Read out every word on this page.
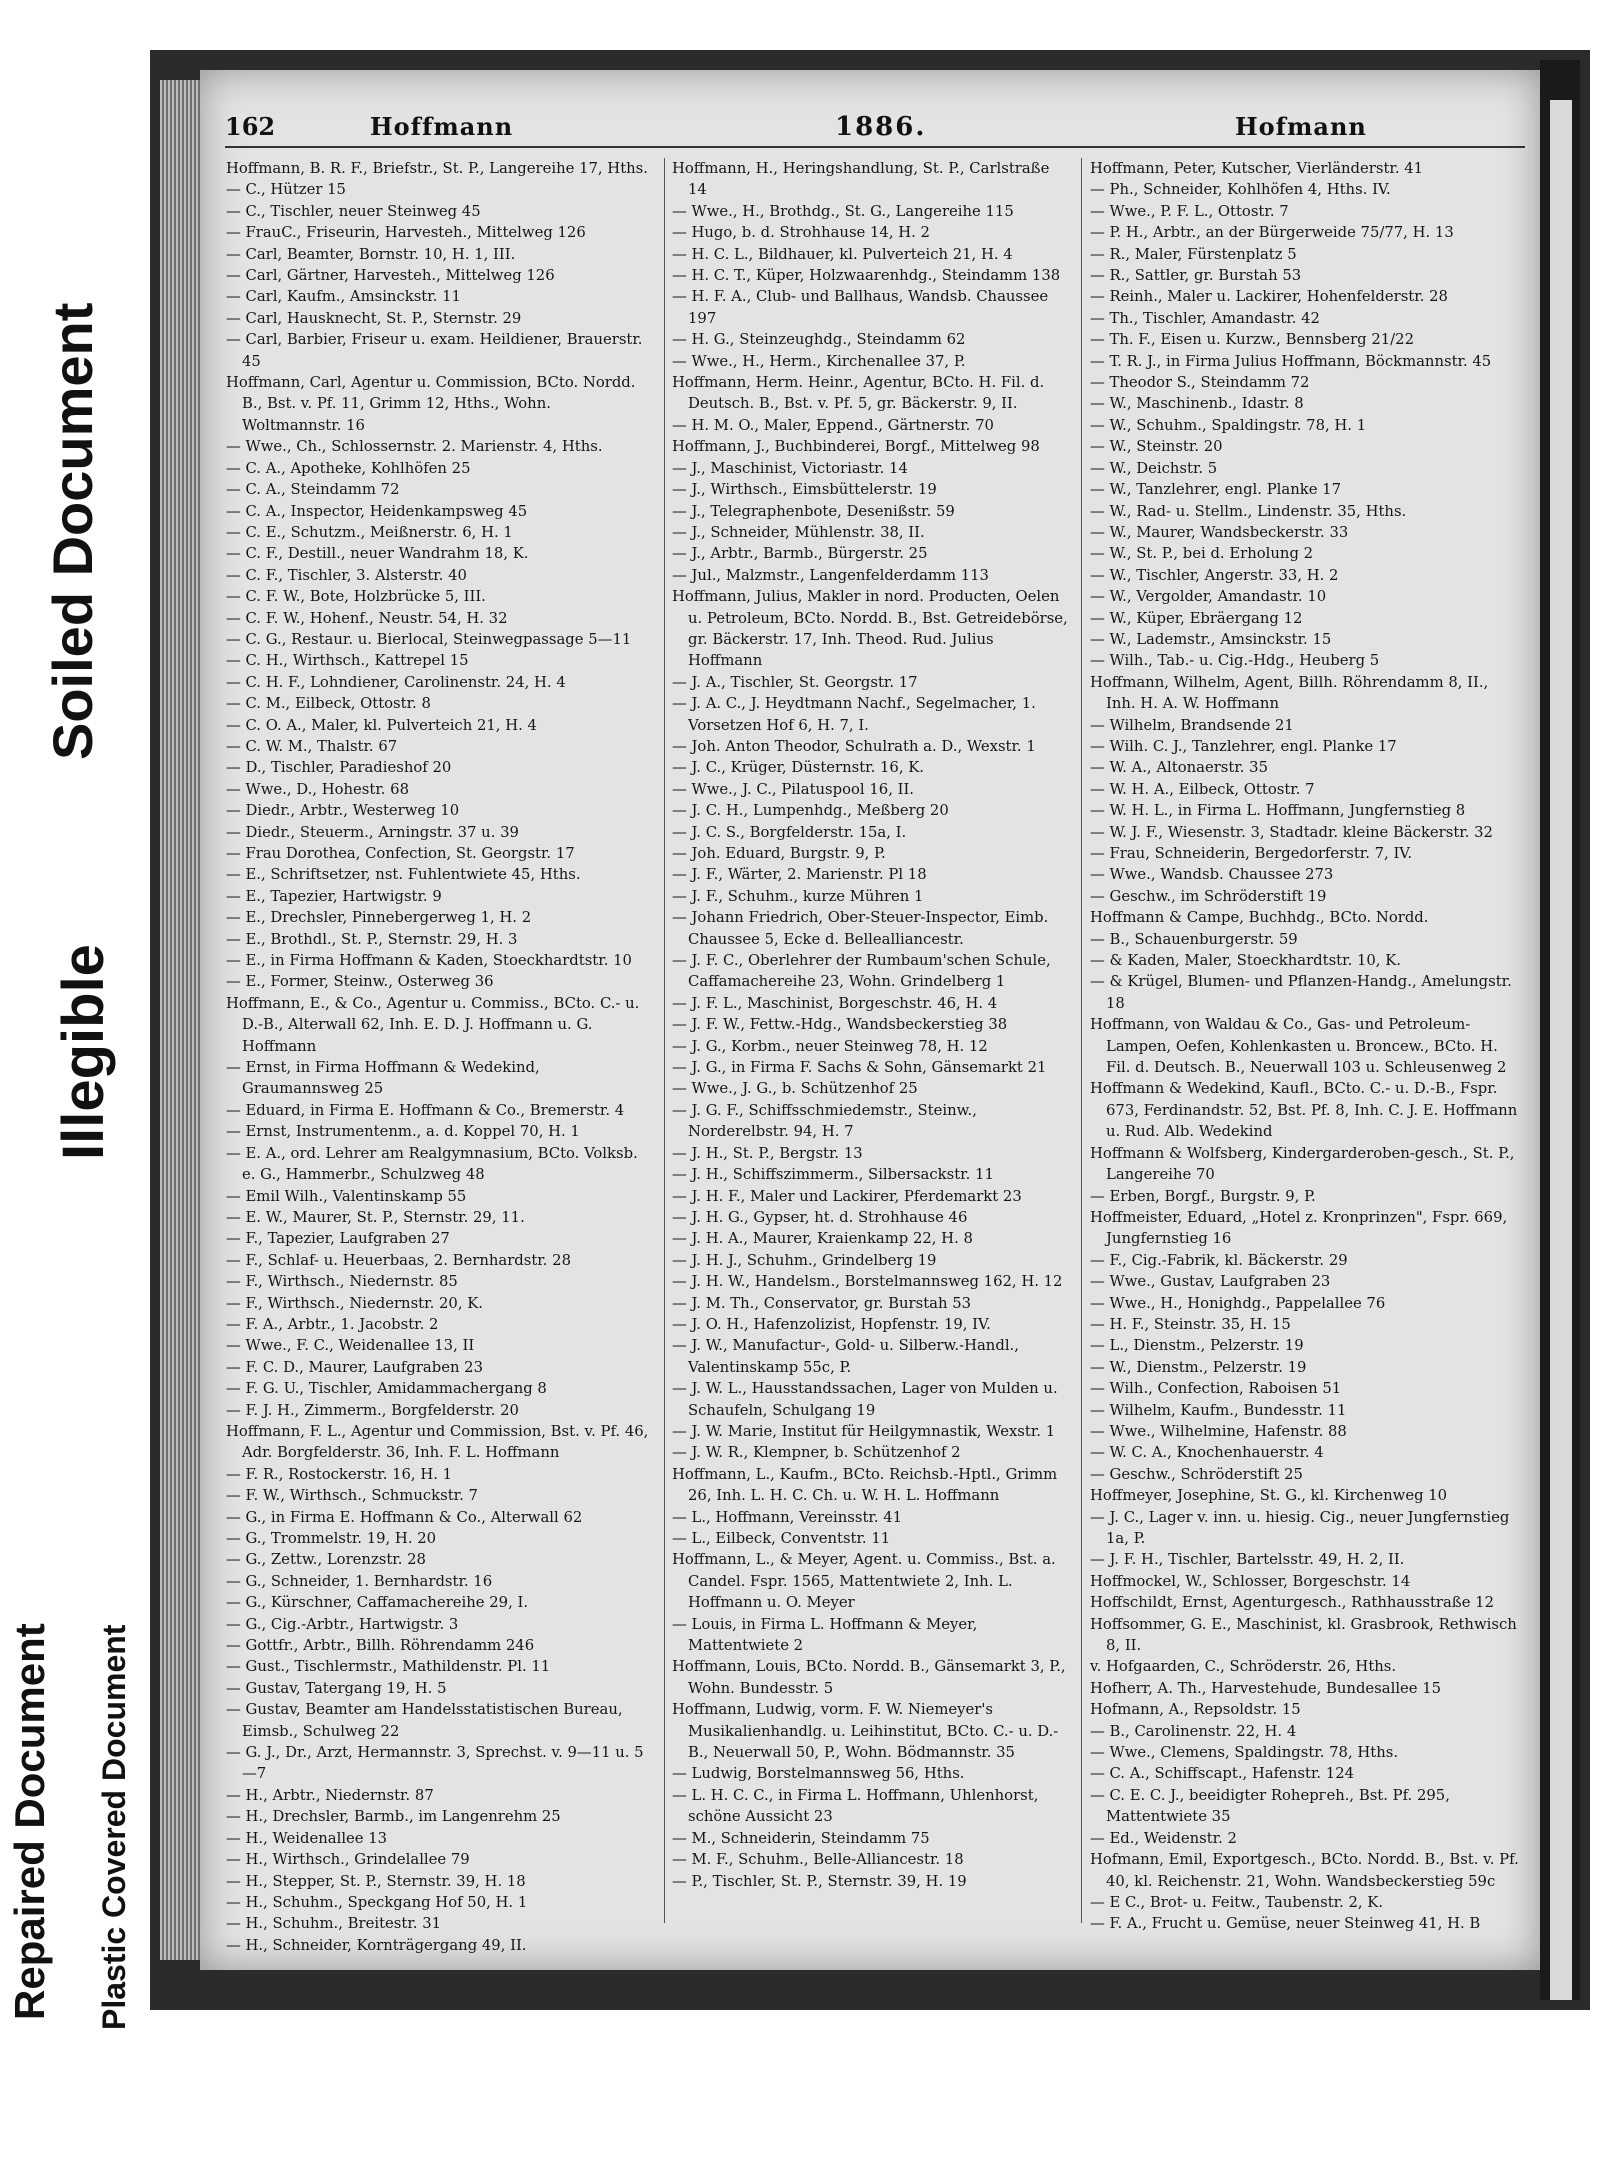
Soiled Document
Illegible
Repaired Document Plastic Covered Document
162	Hoffmann	1886.	Hofmann

Hoffmann, B. R. F., Briefstr., St. P., Langereihe 17, Hths.

— C., Hützer 15

— C., Tischler, neuer Steinweg 45

— FrauC., Friseurin, Harvestеh., Mittelweg 126

— Carl, Beamter, Bornstr. 10, H. 1, III.

— Carl, Gärtner, Harvesteh., Mittelweg 126

— Carl, Kaufm., Amsinckstr. 11

— Carl, Hausknecht, St. P., Sternstr. 29

— Carl, Barbier, Friseur u. exam. Heildiener, Brauerstr. 45

Hoffmann, Carl, Agentur u. Commission, BCto. Nordd. B., Bst. v. Pf. 11, Grimm 12, Hths., Wohn. Woltmannstr. 16

— Wwe., Ch., Schlossernstr. 2. Marienstr. 4, Hths.

— C. A., Apotheke, Kohlhöfen 25

— C. A., Steindamm 72

— C. A., Inspector, Heidenkampsweg 45

— C. E., Schutzm., Meißnerstr. 6, H. 1

— C. F., Destill., neuer Wandrahm 18, K.

— C. F., Tischler, 3. Alsterstr. 40

— C. F. W., Bote, Holzbrücke 5, III.

— C. F. W., Hohenf., Neustr. 54, H. 32

— C. G., Restaur. u. Bierlocal, Steinwegpassage 5—11

— C. H., Wirthsch., Kattrepel 15

— C. H. F., Lohndiener, Carolinenstr. 24, H. 4

— C. M., Eilbeck, Ottostr. 8

— C. O. A., Maler, kl. Pulverteich 21, H. 4

— C. W. M., Thalstr. 67

— D., Tischler, Paradieshof 20

— Wwe., D., Hohestr. 68

— Diedr., Arbtr., Westerweg 10

— Diedr., Steuerm., Arningstr. 37 u. 39

— Frau Dorothea, Confection, St. Georgstr. 17

— E., Schriftsetzer, nst. Fuhlentwiete 45, Hths.

— E., Tapezier, Hartwigstr. 9

— E., Drechsler, Pinnebergerweg 1, H. 2

— E., Brothdl., St. P., Sternstr. 29, H. 3

— E., in Firma Hoffmann & Kaden, Stoeckhardtstr. 10

— E., Former, Steinw., Osterweg 36

Hoffmann, E., & Co., Agentur u. Commiss., BCto. C.- u. D.-B., Alterwall 62, Inh. E. D. J. Hoffmann u. G. Hoffmann

— Ernst, in Firma Hoffmann & Wedekind, Graumannsweg 25

— Eduard, in Firma E. Hoffmann & Co., Bremerstr. 4

— Ernst, Instrumentenm., a. d. Koppel 70, H. 1

— E. A., ord. Lehrer am Realgymnasium, BCto. Volksb. e. G., Hammerbr., Schulzweg 48

— Emil Wilh., Valentinskamp 55

— E. W., Maurer, St. P., Sternstr. 29, 11.

— F., Tapezier, Laufgraben 27

— F., Schlaf- u. Heuerbaas, 2. Bernhardstr. 28

— F., Wirthsch., Niedernstr. 85

— F., Wirthsch., Niedernstr. 20, K.

— F. A., Arbtr., 1. Jacobstr. 2

— Wwe., F. C., Weidenallee 13, II

— F. C. D., Maurer, Laufgraben 23

— F. G. U., Tischler, Amidammachergang 8

— F. J. H., Zimmerm., Borgfelderstr. 20

Hoffmann, F. L., Agentur und Commission, Bst. v. Pf. 46, Adr. Borgfelderstr. 36, Inh. F. L. Hoffmann

— F. R., Rostockerstr. 16, H. 1

— F. W., Wirthsch., Schmuckstr. 7

— G., in Firma E. Hoffmann & Co., Alterwall 62

— G., Trommelstr. 19, H. 20

— G., Zettw., Lorenzstr. 28

— G., Schneider, 1. Bernhardstr. 16

— G., Kürschner, Caffamachereihe 29, I.

— G., Cig.-Arbtr., Hartwigstr. 3

— Gottfr., Arbtr., Billh. Röhrendamm 246

— Gust., Tischlermstr., Mathildenstr. Pl. 11

— Gustav, Tatergang 19, H. 5

— Gustav, Beamter am Handelsstatistischen Bureau, Eimsb., Schulweg 22

— G. J., Dr., Arzt, Hermannstr. 3, Sprechst. v. 9—11 u. 5—7

— H., Arbtr., Niedernstr. 87

— H., Drechsler, Barmb., im Langenrehm 25

— H., Weidenallee 13

— H., Wirthsch., Grindelallee 79

— H., Stepper, St. P., Sternstr. 39, H. 18

— H., Schuhm., Speckgang Hof 50, H. 1

— H., Schuhm., Breitestr. 31

— H., Schneider, Kornträgergang 49, II.

Hoffmann, H., Heringshandlung, St. P., Carlstraße 14

— Wwe., H., Brothdg., St. G., Langereihe 115

— Hugo, b. d. Strohhause 14, H. 2

— H. C. L., Bildhauer, kl. Pulverteich 21, H. 4

— H. C. T., Küper, Holzwaarenhdg., Steindamm 138

— H. F. A., Club- und Ballhaus, Wandsb. Chaussee 197

— H. G., Steinzeughdg., Steindamm 62

— Wwe., H., Herm., Kirchenallee 37, P.

Hoffmann, Herm. Heinr., Agentur, BCto. H. Fil. d. Deutsch. B., Bst. v. Pf. 5, gr. Bäckerstr. 9, II.

— H. M. O., Maler, Eppend., Gärtnerstr. 70

Hoffmann, J., Buchbinderei, Borgf., Mittelweg 98

— J., Maschinist, Victoriastr. 14

— J., Wirthsch., Eimsbüttelerstr. 19

— J., Telegraphenbote, Desenißstr. 59

— J., Schneider, Mühlenstr. 38, II.

— J., Arbtr., Barmb., Bürgerstr. 25

— Jul., Malzmstr., Langenfelderdamm 113

Hoffmann, Julius, Makler in nord. Producten, Oelen u. Petroleum, BCto. Nordd. B., Bst. Getreidebörse, gr. Bäckerstr. 17, Inh. Theod. Rud. Julius Hoffmann

— J. A., Tischler, St. Georgstr. 17

— J. A. C., J. Heydtmann Nachf., Segelmacher, 1. Vorsetzen Hof 6, H. 7, I.

— Joh. Anton Theodor, Schulrath a. D., Wexstr. 1

— J. C., Krüger, Düsternstr. 16, K.

— Wwe., J. C., Pilatuspool 16, II.

— J. C. H., Lumpenhdg., Meßberg 20

— J. C. S., Borgfelderstr. 15a, I.

— Joh. Eduard, Burgstr. 9, P.

— J. F., Wärter, 2. Marienstr. Pl 18

— J. F., Schuhm., kurze Mühren 1

— Johann Friedrich, Ober-Steuer-Inspector, Eimb. Chaussee 5, Ecke d. Bellealliancestr.

— J. F. C., Oberlehrer der Rumbaum'schen Schule, Caffamachereihe 23, Wohn. Grindelberg 1

— J. F. L., Maschinist, Borgeschstr. 46, H. 4

— J. F. W., Fettw.-Hdg., Wandsbeckerstieg 38

— J. G., Korbm., neuer Steinweg 78, H. 12

— J. G., in Firma F. Sachs & Sohn, Gänsemarkt 21

— Wwe., J. G., b. Schützenhof 25

— J. G. F., Schiffsschmiedemstr., Steinw., Norderelbstr. 94, H. 7

— J. H., St. P., Bergstr. 13

— J. H., Schiffszimmerm., Silbersackstr. 11

— J. H. F., Maler und Lackirer, Pferdemarkt 23

— J. H. G., Gypser, ht. d. Strohhause 46

— J. H. A., Maurer, Kraienkamp 22, H. 8

— J. H. J., Schuhm., Grindelberg 19

— J. H. W., Handelsm., Borstelmannsweg 162, H. 12

— J. M. Th., Conservator, gr. Burstah 53

— J. O. H., Hafenzolizist, Hopfenstr. 19, IV.

— J. W., Manufactur-, Gold- u. Silberw.-Handl., Valentinskamp 55c, P.

— J. W. L., Hausstandssachen, Lager von Mulden u. Schaufeln, Schulgang 19

— J. W. Marie, Institut für Heilgymnastik, Wexstr. 1

— J. W. R., Klempner, b. Schützenhof 2

Hoffmann, L., Kaufm., BCto. Reichsb.-Hptl., Grimm 26, Inh. L. H. C. Ch. u. W. H. L. Hoffmann

— L., Hoffmann, Vereinsstr. 41

— L., Eilbeck, Conventstr. 11

Hoffmann, L., & Meyer, Agent. u. Commiss., Bst. a. Candel. Fspr. 1565, Mattentwiete 2, Inh. L. Hoffmann u. O. Meyer

— Louis, in Firma L. Hoffmann & Meyer, Mattentwiete 2

Hoffmann, Louis, BCto. Nordd. B., Gänsemarkt 3, P., Wohn. Bundesstr. 5

Hoffmann, Ludwig, vorm. F. W. Niemeyer's Musikalienhandlg. u. Leihinstitut, BCto. C.- u. D.-B., Neuerwall 50, P., Wohn. Bödmannstr. 35

— Ludwig, Borstelmannsweg 56, Hths.

— L. H. C. C., in Firma L. Hoffmann, Uhlenhorst, schöne Aussicht 23

— M., Schneiderin, Steindamm 75

— M. F., Schuhm., Belle-Alliancestr. 18

— P., Tischler, St. P., Sternstr. 39, H. 19

Hoffmann, Peter, Kutscher, Vierländerstr. 41

— Ph., Schneider, Kohlhöfen 4, Hths. IV.

— Wwe., P. F. L., Ottostr. 7

— P. H., Arbtr., an der Bürgerweide 75/77, H. 13

— R., Maler, Fürstenplatz 5

— R., Sattler, gr. Burstah 53

— Reinh., Maler u. Lackirer, Hohenfelderstr. 28

— Th., Tischler, Amandastr. 42

— Th. F., Eisen u. Kurzw., Bennsberg 21/22

— T. R. J., in Firma Julius Hoffmann, Böckmannstr. 45

— Theodor S., Steindamm 72

— W., Maschinenb., Idastr. 8

— W., Schuhm., Spaldingstr. 78, H. 1

— W., Steinstr. 20

— W., Deichstr. 5

— W., Tanzlehrer, engl. Planke 17

— W., Rad- u. Stellm., Lindenstr. 35, Hths.

— W., Maurer, Wandsbeckerstr. 33

— W., St. P., bei d. Erholung 2

— W., Tischler, Angerstr. 33, H. 2

— W., Vergolder, Amandastr. 10

— W., Küper, Ebräergang 12

— W., Lademstr., Amsinckstr. 15

— Wilh., Tab.- u. Cig.-Hdg., Heuberg 5

Hoffmann, Wilhelm, Agent, Billh. Röhrendamm 8, II., Inh. H. A. W. Hoffmann

— Wilhelm, Brandsende 21

— Wilh. C. J., Tanzlehrer, engl. Planke 17

— W. A., Altonaerstr. 35

— W. H. A., Eilbeck, Ottostr. 7

— W. H. L., in Firma L. Hoffmann, Jungfernstieg 8

— W. J. F., Wiesenstr. 3, Stadtadr. kleine Bäckerstr. 32

— Frau, Schneiderin, Bergedorferstr. 7, IV.

— Wwe., Wandsb. Chaussee 273

— Geschw., im Schröderstift 19

Hoffmann & Campe, Buchhdg., BCto. Nordd.

— B., Schauenburgerstr. 59

— & Kaden, Maler, Stoeckhardtstr. 10, K.

— & Krügel, Blumen- und Pflanzen-Handg., Amelungstr. 18

Hoffmann, von Waldau & Co., Gas- und Petroleum-Lampen, Oefen, Kohlenkasten u. Broncew., BCto. H. Fil. d. Deutsch. B., Neuerwall 103 u. Schleusenweg 2

Hoffmann & Wedekind, Kaufl., BCto. C.- u. D.-B., Fspr. 673, Ferdinandstr. 52, Bst. Pf. 8, Inh. C. J. E. Hoffmann u. Rud. Alb. Wedekind

Hoffmann & Wolfsberg, Kindergarderoben-gesch., St. P., Langereihe 70

— Erben, Borgf., Burgstr. 9, P.

Hoffmeister, Eduard, „Hotel z. Kronprinzen", Fspr. 669, Jungfernstieg 16

— F., Cig.-Fabrik, kl. Bäckerstr. 29

— Wwe., Gustav, Laufgraben 23

— Wwe., H., Honighdg., Pappelallee 76

— H. F., Steinstr. 35, H. 15

— L., Dienstm., Pelzerstr. 19

— W., Dienstm., Pelzerstr. 19

— Wilh., Confection, Raboisen 51

— Wilhelm, Kaufm., Bundesstr. 11

— Wwe., Wilhelmine, Hafenstr. 88

— W. C. A., Knochenhauerstr. 4

— Geschw., Schröderstift 25

Hoffmeyer, Josephine, St. G., kl. Kirchenweg 10

— J. C., Lager v. inn. u. hiesig. Cig., neuer Jungfernstieg 1a, P.

— J. F. H., Tischler, Bartelsstr. 49, H. 2, II.

Hoffmockel, W., Schlosser, Borgeschstr. 14

Hoffschildt, Ernst, Agenturgesch., Rathhausstraße 12

Hoffsommer, G. E., Maschinist, kl. Grasbrook, Rethwisch 8, II.

v. Hofgaarden, C., Schröderstr. 26, Hths.

Hofherr, A. Th., Harvestehude, Bundesallee 15

Hofmann, A., Repsoldstr. 15

— B., Carolinenstr. 22, H. 4

— Wwe., Clemens, Spaldingstr. 78, Hths.

— C. A., Schiffscapt., Hafenstr. 124

— C. E. C. J., beeidigter Roheргeh., Bst. Pf. 295, Mattentwiete 35

— Ed., Weidenstr. 2

Hofmann, Emil, Exportgesch., BCto. Nordd. B., Bst. v. Pf. 40, kl. Reichenstr. 21, Wohn. Wandsbeckerstieg 59c

— E C., Brot- u. Feitw., Taubenstr. 2, K.

— F. A., Frucht u. Gemüse, neuer Steinweg 41, H. B
